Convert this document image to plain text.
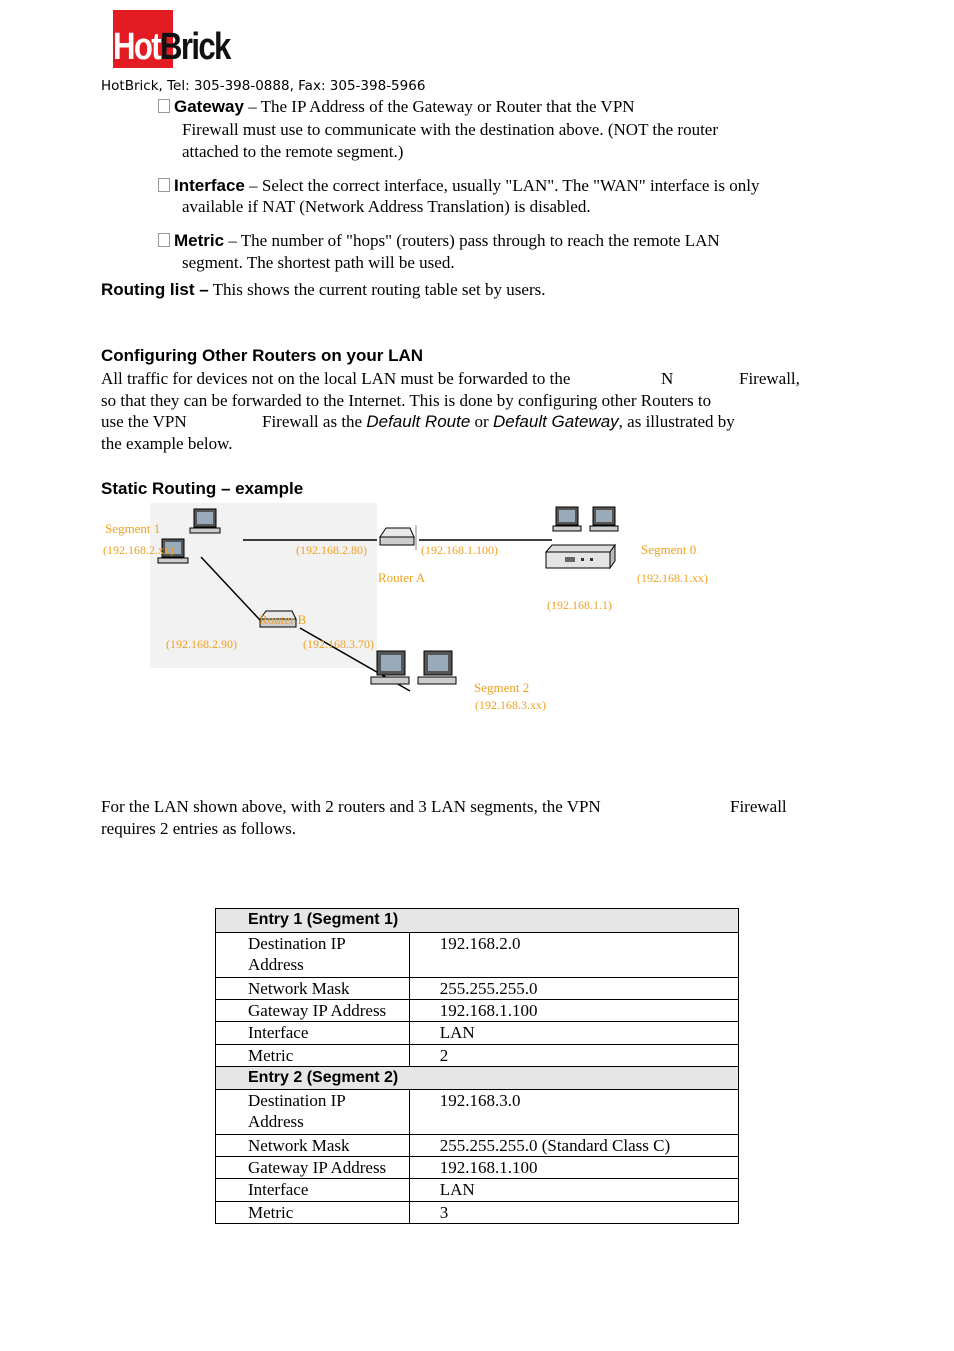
HotBrick
HotBrick, Tel: 305-398-0888, Fax: 305-398-5966
Gateway – The IP Address of the Gateway or Router that the VPN
Firewall must use to communicate with the destination above. (NOT the router
attached to the remote segment.)
Interface – Select the correct interface, usually "LAN". The "WAN" interface is only
available if NAT (Network Address Translation) is disabled.
Metric – The number of "hops" (routers) pass through to reach the remote LAN
segment. The shortest path will be used.
Routing list – This shows the current routing table set by users.
Configuring Other Routers on your LAN
All traffic for devices not on the local LAN must be forwarded to the	N	Firewall,
so that they can be forwarded to the Internet. This is done by configuring other Routers to
use the VPN	Firewall as the Default Route or Default Gateway, as illustrated by
the example below.
Static Routing – example
Segment 1
(192.168.2.xx)	(192.168.2.80)	(192.168.1.100)
Router A
Segment 0
(192.168.1.xx)
(192.168.1.1)
Router B
(192.168.2.90)	(192.168.3.70)
Segment 2
(192.168.3.xx)
For the LAN shown above, with 2 routers and 3 LAN segments, the VPN	Firewall
requires 2 entries as follows.
Entry 1 (Segment 1)	
Destination IP
Address	192.168.2.0
Network Mask	255.255.255.0
Gateway IP Address	192.168.1.100
Interface	LAN
Metric	2
Entry 2 (Segment 2)	
Destination IP
Address	192.168.3.0
Network Mask	255.255.255.0 (Standard Class C)
Gateway IP Address	192.168.1.100
Interface	LAN
Metric	3
